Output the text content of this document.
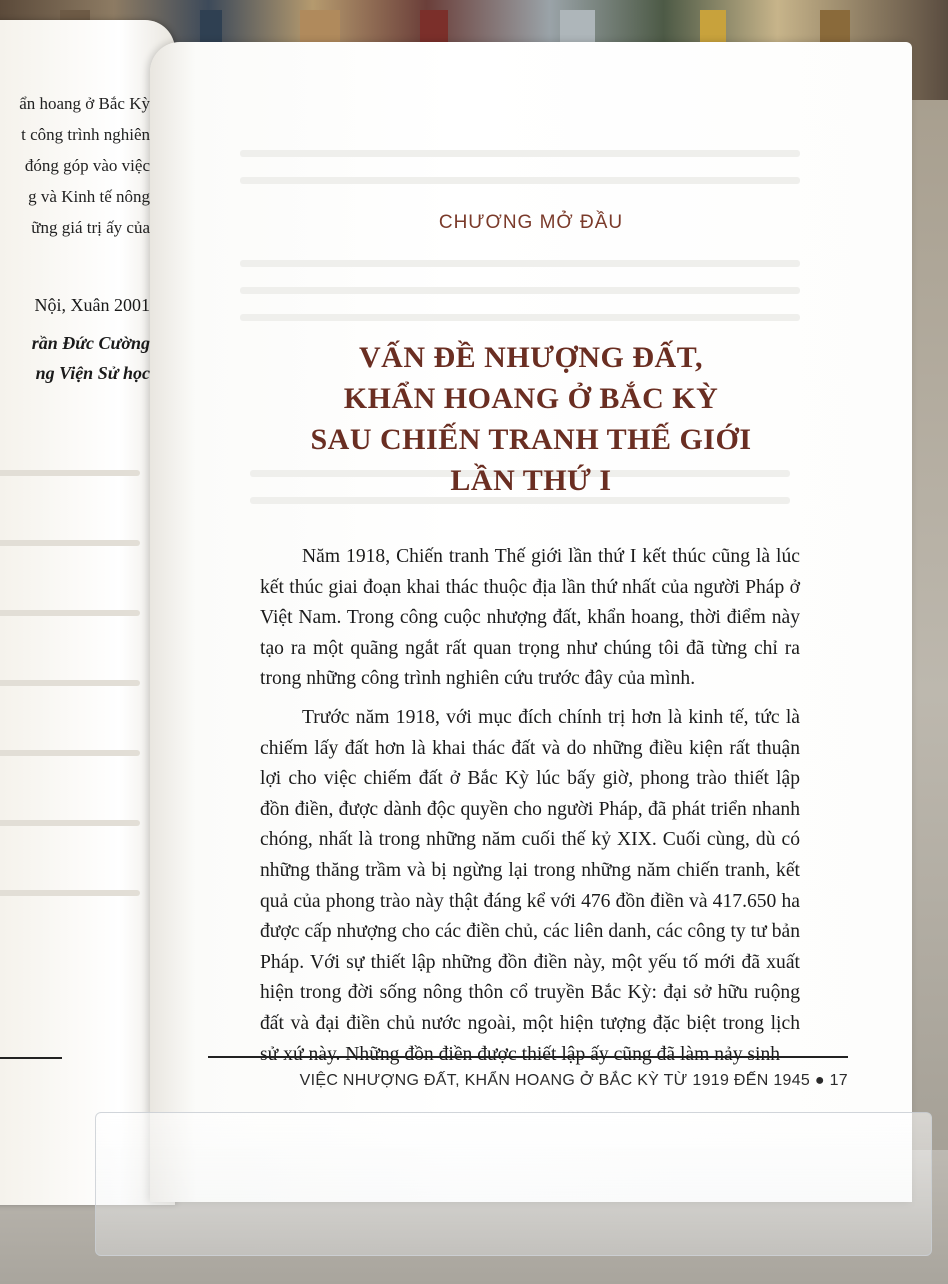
ẩn hoang ở Bắc Kỳ
t công trình nghiên
đóng góp vào việc
g và Kinh tế nông
ững giá trị ấy của
Nội, Xuân 2001
rần Đức Cường
ng Viện Sử học
CHƯƠNG MỞ ĐẦU
VẤN ĐỀ NHƯỢNG ĐẤT,
KHẨN HOANG Ở BẮC KỲ
SAU CHIẾN TRANH THẾ GIỚI
LẦN THỨ I

Năm 1918, Chiến tranh Thế giới lần thứ I kết thúc cũng là lúc kết thúc giai đoạn khai thác thuộc địa lần thứ nhất của người Pháp ở Việt Nam. Trong công cuộc nhượng đất, khẩn hoang, thời điểm này tạo ra một quãng ngắt rất quan trọng như chúng tôi đã từng chỉ ra trong những công trình nghiên cứu trước đây của mình.

Trước năm 1918, với mục đích chính trị hơn là kinh tế, tức là chiếm lấy đất hơn là khai thác đất và do những điều kiện rất thuận lợi cho việc chiếm đất ở Bắc Kỳ lúc bấy giờ, phong trào thiết lập đồn điền, được dành độc quyền cho người Pháp, đã phát triển nhanh chóng, nhất là trong những năm cuối thế kỷ XIX. Cuối cùng, dù có những thăng trầm và bị ngừng lại trong những năm chiến tranh, kết quả của phong trào này thật đáng kể với 476 đồn điền và 417.650 ha được cấp nhượng cho các điền chủ, các liên danh, các công ty tư bản Pháp. Với sự thiết lập những đồn điền này, một yếu tố mới đã xuất hiện trong đời sống nông thôn cổ truyền Bắc Kỳ: đại sở hữu ruộng đất và đại điền chủ nước ngoài, một hiện tượng đặc biệt trong lịch sử xứ này. Những đồn điền được thiết lập ấy cũng đã làm nảy sinh

VIỆC NHƯỢNG ĐẤT, KHẨN HOANG Ở BẮC KỲ TỪ 1919 ĐẾN 1945 ● 17
